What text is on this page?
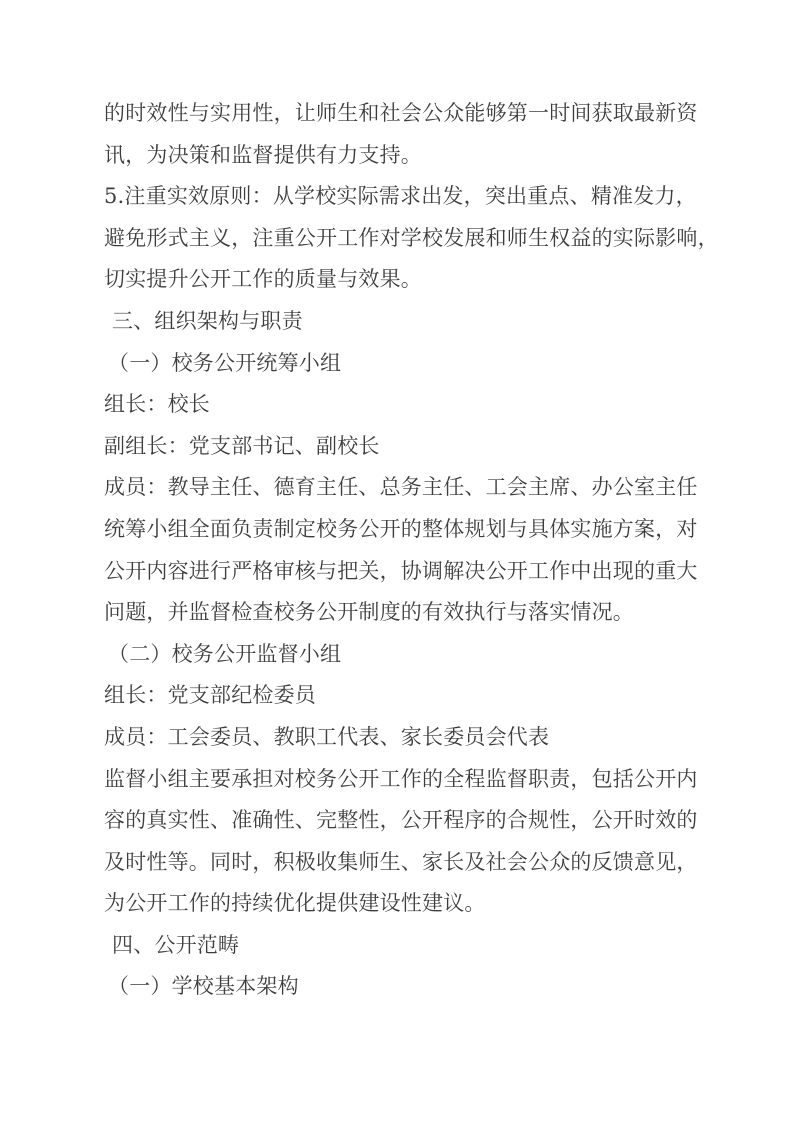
的时效性与实用性，让师生和社会公众能够第一时间获取最新资
讯，为决策和监督提供有力支持。
5.注重实效原则：从学校实际需求出发，突出重点、精准发力，
避免形式主义，注重公开工作对学校发展和师生权益的实际影响，
切实提升公开工作的质量与效果。
三、组织架构与职责
（一）校务公开统筹小组
组长：校长
副组长：党支部书记、副校长
成员：教导主任、德育主任、总务主任、工会主席、办公室主任
统筹小组全面负责制定校务公开的整体规划与具体实施方案，对
公开内容进行严格审核与把关，协调解决公开工作中出现的重大
问题，并监督检查校务公开制度的有效执行与落实情况。
（二）校务公开监督小组
组长：党支部纪检委员
成员：工会委员、教职工代表、家长委员会代表
监督小组主要承担对校务公开工作的全程监督职责，包括公开内
容的真实性、准确性、完整性，公开程序的合规性，公开时效的
及时性等。同时，积极收集师生、家长及社会公众的反馈意见，
为公开工作的持续优化提供建设性建议。
四、公开范畴
（一）学校基本架构
